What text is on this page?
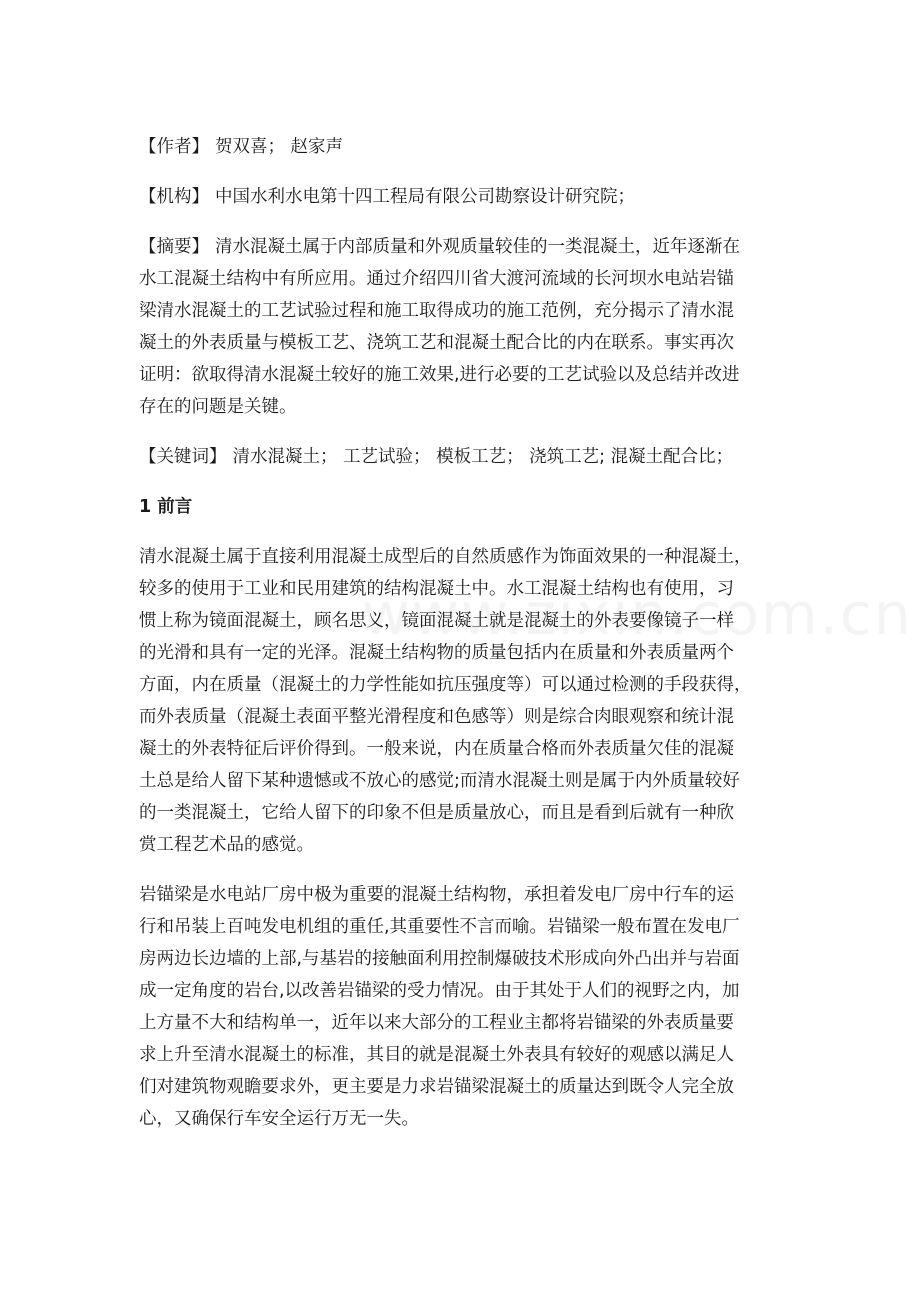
【作者】 贺双喜； 赵家声

【机构】 中国水利水电第十四工程局有限公司勘察设计研究院；

【摘要】 清水混凝土属于内部质量和外观质量较佳的一类混凝土，近年逐渐在

水工混凝土结构中有所应用。通过介绍四川省大渡河流域的长河坝水电站岩锚

梁清水混凝土的工艺试验过程和施工取得成功的施工范例，充分揭示了清水混

凝土的外表质量与模板工艺、浇筑工艺和混凝土配合比的内在联系。事实再次

证明：欲取得清水混凝土较好的施工效果,进行必要的工艺试验以及总结并改进

存在的问题是关键。

【关键词】 清水混凝土； 工艺试验； 模板工艺； 浇筑工艺; 混凝土配合比；

1 前言

清水混凝土属于直接利用混凝土成型后的自然质感作为饰面效果的一种混凝土，

较多的使用于工业和民用建筑的结构混凝土中。水工混凝土结构也有使用，习

惯上称为镜面混凝土，顾名思义，镜面混凝土就是混凝土的外表要像镜子一样

的光滑和具有一定的光泽。混凝土结构物的质量包括内在质量和外表质量两个

方面，内在质量（混凝土的力学性能如抗压强度等）可以通过检测的手段获得，

而外表质量（混凝土表面平整光滑程度和色感等）则是综合肉眼观察和统计混

凝土的外表特征后评价得到。一般来说，内在质量合格而外表质量欠佳的混凝

土总是给人留下某种遗憾或不放心的感觉;而清水混凝土则是属于内外质量较好

的一类混凝土，它给人留下的印象不但是质量放心，而且是看到后就有一种欣

赏工程艺术品的感觉。

岩锚梁是水电站厂房中极为重要的混凝土结构物，承担着发电厂房中行车的运

行和吊装上百吨发电机组的重任,其重要性不言而喻。岩锚梁一般布置在发电厂

房两边长边墙的上部,与基岩的接触面利用控制爆破技术形成向外凸出并与岩面

成一定角度的岩台,以改善岩锚梁的受力情况。由于其处于人们的视野之内，加

上方量不大和结构单一，近年以来大部分的工程业主都将岩锚梁的外表质量要

求上升至清水混凝土的标准，其目的就是混凝土外表具有较好的观感以满足人

们对建筑物观瞻要求外，更主要是力求岩锚梁混凝土的质量达到既令人完全放

心，又确保行车安全运行万无一失。
